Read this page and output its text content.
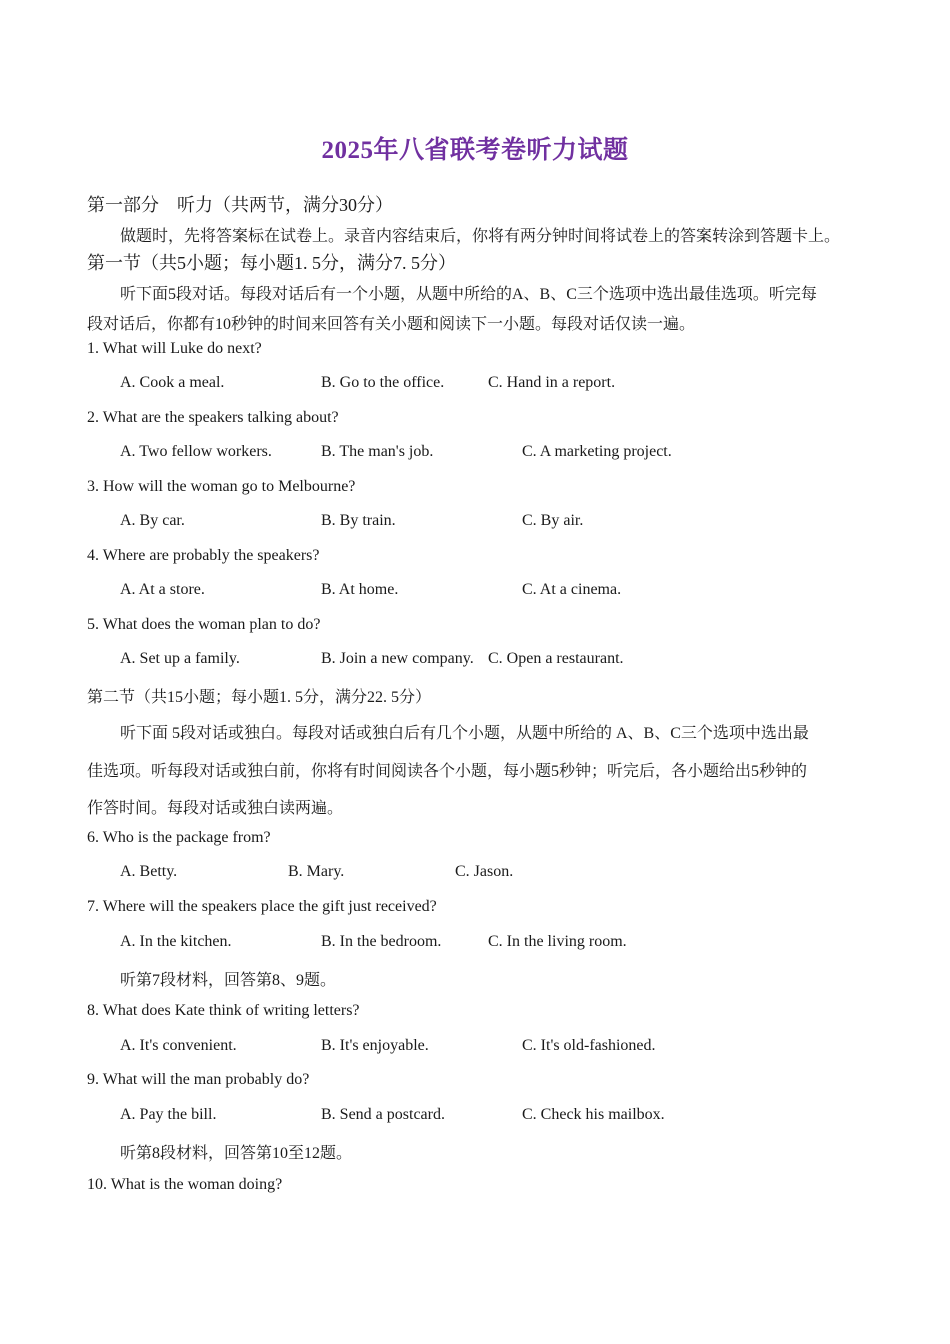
2025年八省联考卷听力试题
第一部分　听力（共两节，满分30分）
做题时，先将答案标在试卷上。录音内容结束后，你将有两分钟时间将试卷上的答案转涂到答题卡上。
第一节（共5小题；每小题1. 5分，满分7. 5分）
听下面5段对话。每段对话后有一个小题，从题中所给的A、B、C三个选项中选出最佳选项。听完每
段对话后，你都有10秒钟的时间来回答有关小题和阅读下一小题。每段对话仅读一遍。
1. What will Luke do next?
A. Cook a meal.	B. Go to the office.	C. Hand in a report.
2. What are the speakers talking about?
A. Two fellow workers.	B. The man's job.	C. A marketing project.
3. How will the woman go to Melbourne?
A. By car.	B. By train.	C. By air.
4. Where are probably the speakers?
A. At a store.	B. At home.	C. At a cinema.
5. What does the woman plan to do?
A. Set up a family.	B. Join a new company. C. Open a restaurant.
第二节（共15小题；每小题1. 5分，满分22. 5分）
听下面 5段对话或独白。每段对话或独白后有几个小题，从题中所给的 A、B、C三个选项中选出最
佳选项。听每段对话或独白前，你将有时间阅读各个小题，每小题5秒钟；听完后，各小题给出5秒钟的
作答时间。每段对话或独白读两遍。
6. Who is the package from?
A. Betty.	B. Mary.	C. Jason.
7. Where will the speakers place the gift just received?
A. In the kitchen.	B. In the bedroom.	C. In the living room.
听第7段材料，回答第8、9题。
8. What does Kate think of writing letters?
A. It's convenient.	B. It's enjoyable.	C. It's old-fashioned.
9. What will the man probably do?
A. Pay the bill.	B. Send a postcard.	C. Check his mailbox.
听第8段材料，回答第10至12题。
10. What is the woman doing?
